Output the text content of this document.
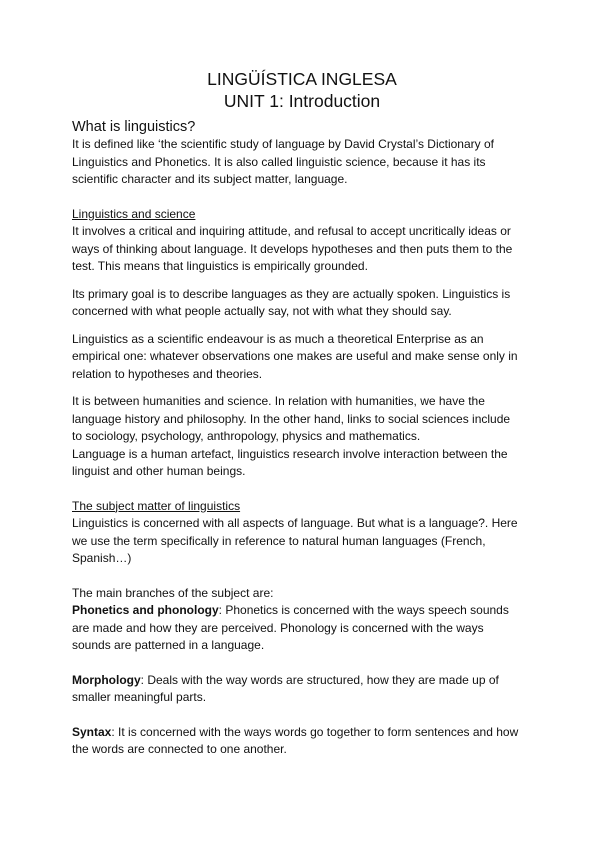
LINGÜÍSTICA INGLESA
UNIT 1: Introduction
What is linguistics?

It is defined like ‘the scientific study of language by David Crystal’s Dictionary of

Linguistics and Phonetics. It is also called linguistic science, because it has its

scientific character and its subject matter, language.

Linguistics and science

It involves a critical and inquiring attitude, and refusal to accept uncritically ideas or

ways of thinking about language. It develops hypotheses and then puts them to the

test. This means that linguistics is empirically grounded.

Its primary goal is to describe languages as they are actually spoken. Linguistics is

concerned with what people actually say, not with what they should say.

Linguistics as a scientific endeavour is as much a theoretical Enterprise as an

empirical one: whatever observations one makes are useful and make sense only in

relation to hypotheses and theories.

It is between humanities and science. In relation with humanities, we have the

language history and philosophy. In the other hand, links to social sciences include

to sociology, psychology, anthropology, physics and mathematics.

Language is a human artefact, linguistics research involve interaction between the

linguist and other human beings.

The subject matter of linguistics

Linguistics is concerned with all aspects of language. But what is a language?. Here

we use the term specifically in reference to natural human languages (French,

Spanish…)

The main branches of the subject are:

Phonetics and phonology: Phonetics is concerned with the ways speech sounds

are made and how they are perceived. Phonology is concerned with the ways

sounds are patterned in a language.

Morphology: Deals with the way words are structured, how they are made up of

smaller meaningful parts.

Syntax: It is concerned with the ways words go together to form sentences and how

the words are connected to one another.
